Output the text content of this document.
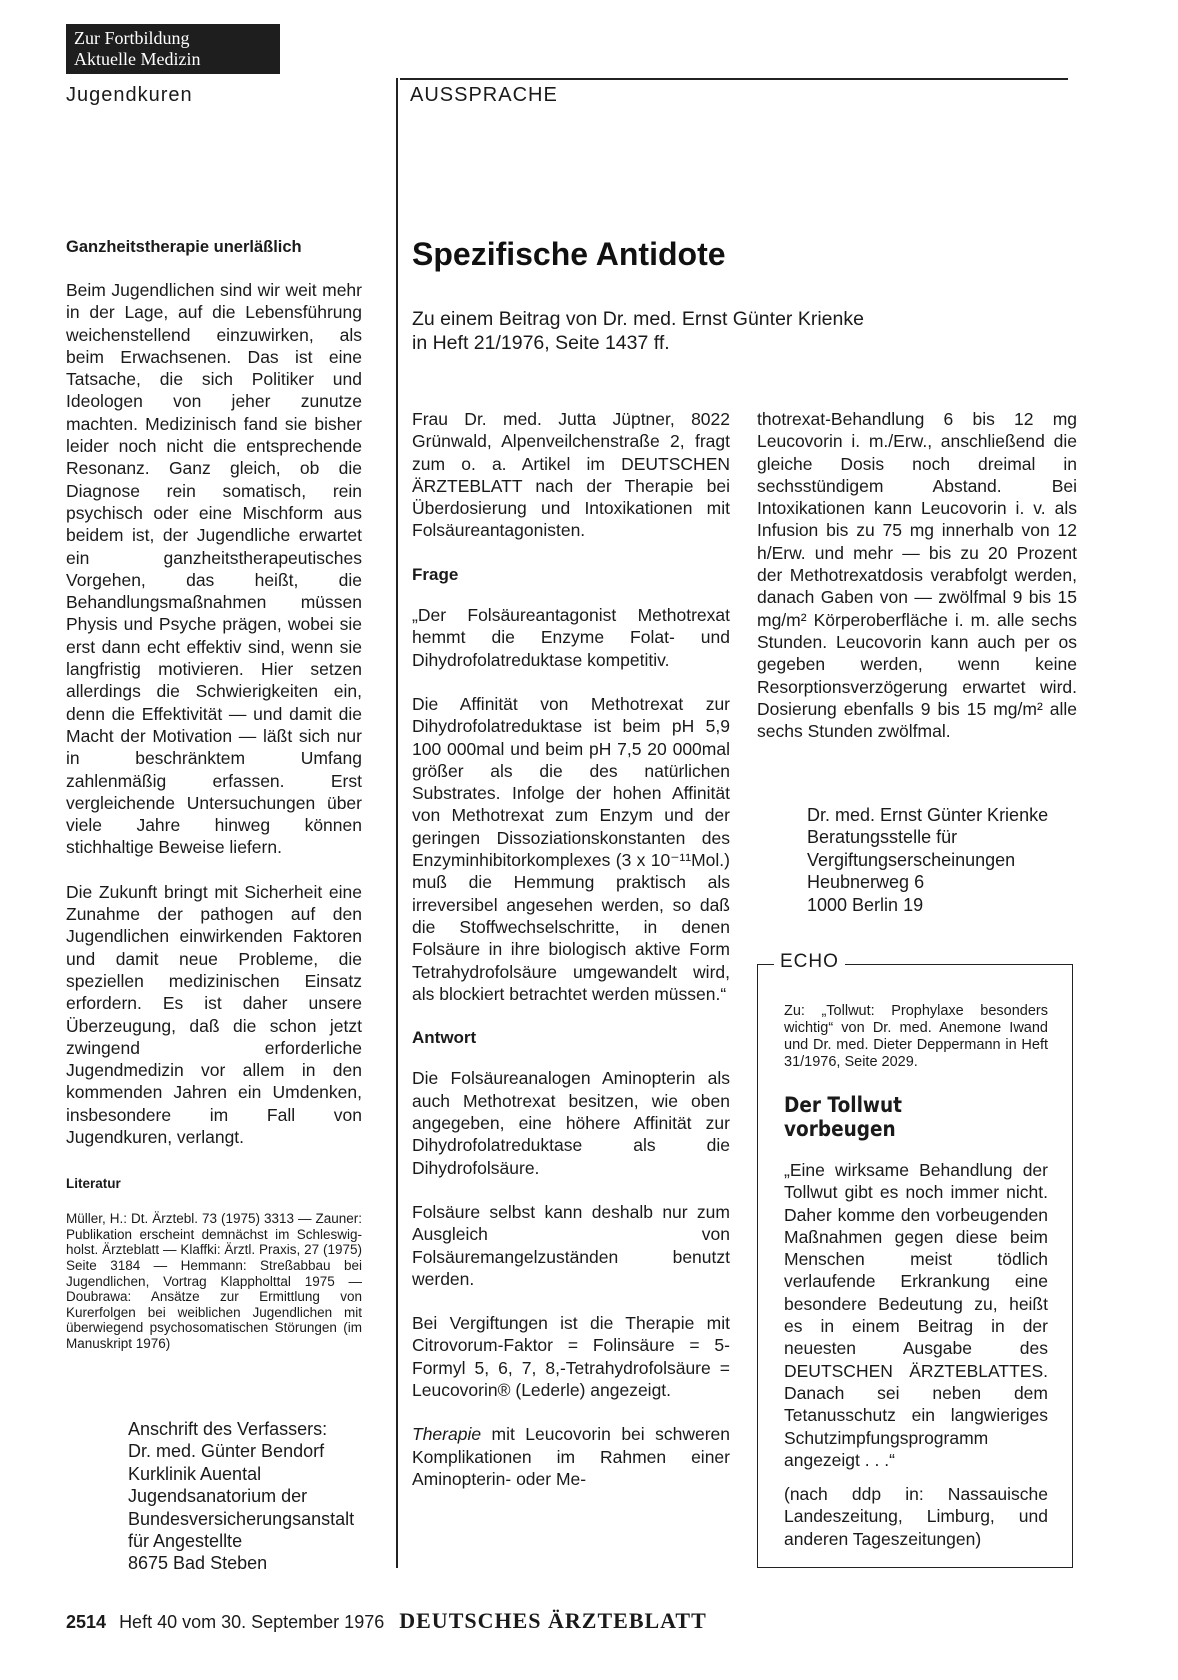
Zur Fortbildung
Aktuelle Medizin
Jugendkuren	AUSSPRACHE
Ganzheitstherapie unerläßlich

Beim Jugendlichen sind wir weit mehr in der Lage, auf die Lebensführung weichenstellend einzuwirken, als beim Erwachsenen. Das ist eine Tatsache, die sich Politiker und Ideologen von jeher zunutze machten. Medizinisch fand sie bisher leider noch nicht die entsprechende Resonanz. Ganz gleich, ob die Diagnose rein somatisch, rein psychisch oder eine Mischform aus beidem ist, der Jugendliche erwartet ein ganzheitstherapeutisches Vorgehen, das heißt, die Behandlungsmaßnahmen müssen Physis und Psyche prägen, wobei sie erst dann echt effektiv sind, wenn sie langfristig motivieren. Hier setzen allerdings die Schwierigkeiten ein, denn die Effektivität — und damit die Macht der Motivation — läßt sich nur in beschränktem Umfang zahlenmäßig erfassen. Erst vergleichende Untersuchungen über viele Jahre hinweg können stichhaltige Beweise liefern.

Die Zukunft bringt mit Sicherheit eine Zunahme der pathogen auf den Jugendlichen einwirkenden Faktoren und damit neue Probleme, die speziellen medizinischen Einsatz erfordern. Es ist daher unsere Überzeugung, daß die schon jetzt zwingend erforderliche Jugendmedizin vor allem in den kommenden Jahren ein Umdenken, insbesondere im Fall von Jugendkuren, verlangt.

Literatur
Müller, H.: Dt. Ärztebl. 73 (1975) 3313 — Zauner: Publikation erscheint demnächst im Schleswig-holst. Ärzteblatt — Klaffki: Ärztl. Praxis, 27 (1975) Seite 3184 — Hemmann: Streßabbau bei Jugendlichen, Vortrag Klappholttal 1975 — Doubrawa: Ansätze zur Ermittlung von Kurerfolgen bei weiblichen Jugendlichen mit überwiegend psychosomatischen Störungen (im Manuskript 1976)
Anschrift des Verfassers:
Dr. med. Günter Bendorf
Kurklinik Auental
Jugendsanatorium der
Bundesversicherungsanstalt
für Angestellte
8675 Bad Steben
Spezifische Antidote
Zu einem Beitrag von Dr. med. Ernst Günter Krienke
in Heft 21/1976, Seite 1437 ff.

Frau Dr. med. Jutta Jüptner, 8022 Grünwald, Alpenveilchenstraße 2, fragt zum o. a. Artikel im DEUTSCHEN ÄRZTEBLATT nach der Therapie bei Überdosierung und Intoxikationen mit Folsäureantagonisten.

Frage

„Der Folsäureantagonist Methotrexat hemmt die Enzyme Folat- und Dihydrofolatreduktase kompetitiv.

Die Affinität von Methotrexat zur Dihydrofolatreduktase ist beim pH 5,9 100 000mal und beim pH 7,5 20 000mal größer als die des natürlichen Substrates. Infolge der hohen Affinität von Methotrexat zum Enzym und der geringen Dissoziationskonstanten des Enzyminhibitorkomplexes (3 x 10⁻¹¹Mol.) muß die Hemmung praktisch als irreversibel angesehen werden, so daß die Stoffwechselschritte, in denen Folsäure in ihre biologisch aktive Form Tetrahydrofolsäure umgewandelt wird, als blockiert betrachtet werden müssen.“

Antwort

Die Folsäureanalogen Aminopterin als auch Methotrexat besitzen, wie oben angegeben, eine höhere Affinität zur Dihydrofolatreduktase als die Dihydrofolsäure.

Folsäure selbst kann deshalb nur zum Ausgleich von Folsäuremangelzuständen benutzt werden.

Bei Vergiftungen ist die Therapie mit Citrovorum-Faktor = Folinsäure = 5-Formyl 5, 6, 7, 8,-Tetrahydrofolsäure = Leucovorin® (Lederle) angezeigt.

Therapie mit Leucovorin bei schweren Komplikationen im Rahmen einer Aminopterin- oder Me-

thotrexat-Behandlung 6 bis 12 mg Leucovorin i. m./Erw., anschließend die gleiche Dosis noch dreimal in sechsstündigem Abstand. Bei Intoxikationen kann Leucovorin i. v. als Infusion bis zu 75 mg innerhalb von 12 h/Erw. und mehr — bis zu 20 Prozent der Methotrexatdosis verabfolgt werden, danach Gaben von — zwölfmal 9 bis 15 mg/m² Körperoberfläche i. m. alle sechs Stunden. Leucovorin kann auch per os gegeben werden, wenn keine Resorptionsverzögerung erwartet wird. Dosierung ebenfalls 9 bis 15 mg/m² alle sechs Stunden zwölfmal.

Dr. med. Ernst Günter Krienke
Beratungsstelle für
Vergiftungserscheinungen
Heubnerweg 6
1000 Berlin 19
ECHO
Zu: „Tollwut: Prophylaxe besonders wichtig“ von Dr. med. Anemone Iwand und Dr. med. Dieter Deppermann in Heft 31/1976, Seite 2029.
Der Tollwut vorbeugen

„Eine wirksame Behandlung der Tollwut gibt es noch immer nicht. Daher komme den vorbeugenden Maßnahmen gegen diese beim Menschen meist tödlich verlaufende Erkrankung eine besondere Bedeutung zu, heißt es in einem Beitrag in der neuesten Ausgabe des DEUTSCHEN ÄRZTEBLATTES. Danach sei neben dem Tetanusschutz ein langwieriges Schutzimpfungsprogramm angezeigt . . .“

(nach ddp in: Nassauische Landeszeitung, Limburg, und anderen Tageszeitungen)

2514 Heft 40 vom 30. September 1976 DEUTSCHES ÄRZTEBLATT
